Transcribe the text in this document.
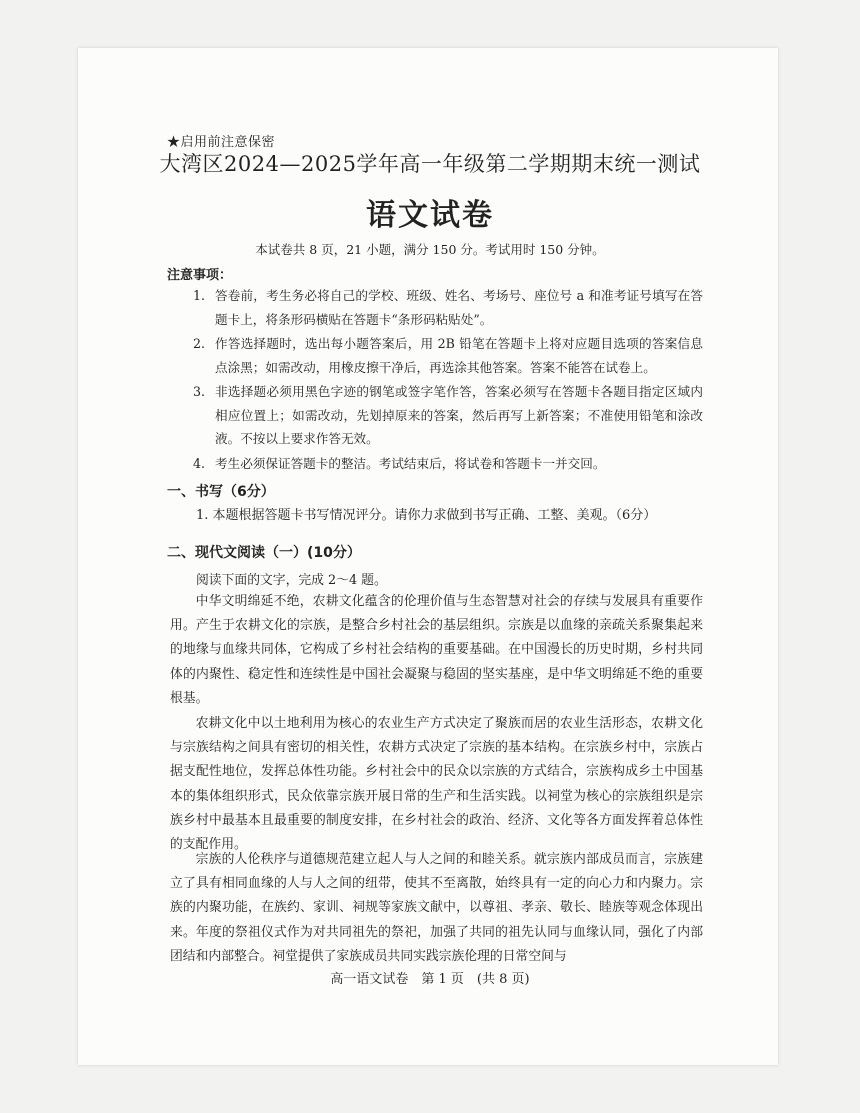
★启用前注意保密
大湾区2024—2025学年高一年级第二学期期末统一测试
语文试卷
本试卷共 8 页，21 小题，满分 150 分。考试用时 150 分钟。
注意事项：
1. 答卷前，考生务必将自己的学校、班级、姓名、考场号、座位号 a 和准考证号填写在答题卡上，将条形码横贴在答题卡“条形码粘贴处”。
2. 作答选择题时，选出每小题答案后，用 2B 铅笔在答题卡上将对应题目选项的答案信息点涂黑；如需改动，用橡皮擦干净后，再选涂其他答案。答案不能答在试卷上。
3. 非选择题必须用黑色字迹的钢笔或签字笔作答，答案必须写在答题卡各题目指定区域内相应位置上；如需改动，先划掉原来的答案，然后再写上新答案；不准使用铅笔和涂改液。不按以上要求作答无效。
4. 考生必须保证答题卡的整洁。考试结束后，将试卷和答题卡一并交回。
一、书写（6分）
1. 本题根据答题卡书写情况评分。请你力求做到书写正确、工整、美观。（6分）
二、现代文阅读（一）(10分）
阅读下面的文字，完成 2～4 题。
中华文明绵延不绝，农耕文化蕴含的伦理价值与生态智慧对社会的存续与发展具有重要作用。产生于农耕文化的宗族，是整合乡村社会的基层组织。宗族是以血缘的亲疏关系聚集起来的地缘与血缘共同体，它构成了乡村社会结构的重要基础。在中国漫长的历史时期，乡村共同体的内聚性、稳定性和连续性是中国社会凝聚与稳固的坚实基座，是中华文明绵延不绝的重要根基。
农耕文化中以土地利用为核心的农业生产方式决定了聚族而居的农业生活形态，农耕文化与宗族结构之间具有密切的相关性，农耕方式决定了宗族的基本结构。在宗族乡村中，宗族占据支配性地位，发挥总体性功能。乡村社会中的民众以宗族的方式结合，宗族构成乡土中国基本的集体组织形式，民众依靠宗族开展日常的生产和生活实践。以祠堂为核心的宗族组织是宗族乡村中最基本且最重要的制度安排，在乡村社会的政治、经济、文化等各方面发挥着总体性的支配作用。
宗族的人伦秩序与道德规范建立起人与人之间的和睦关系。就宗族内部成员而言，宗族建立了具有相同血缘的人与人之间的纽带，使其不至离散，始终具有一定的向心力和内聚力。宗族的内聚功能，在族约、家训、祠规等家族文献中，以尊祖、孝亲、敬长、睦族等观念体现出来。年度的祭祖仪式作为对共同祖先的祭祀，加强了共同的祖先认同与血缘认同，强化了内部团结和内部整合。祠堂提供了家族成员共同实践宗族伦理的日常空间与
高一语文试卷　第 1 页　(共 8 页)
